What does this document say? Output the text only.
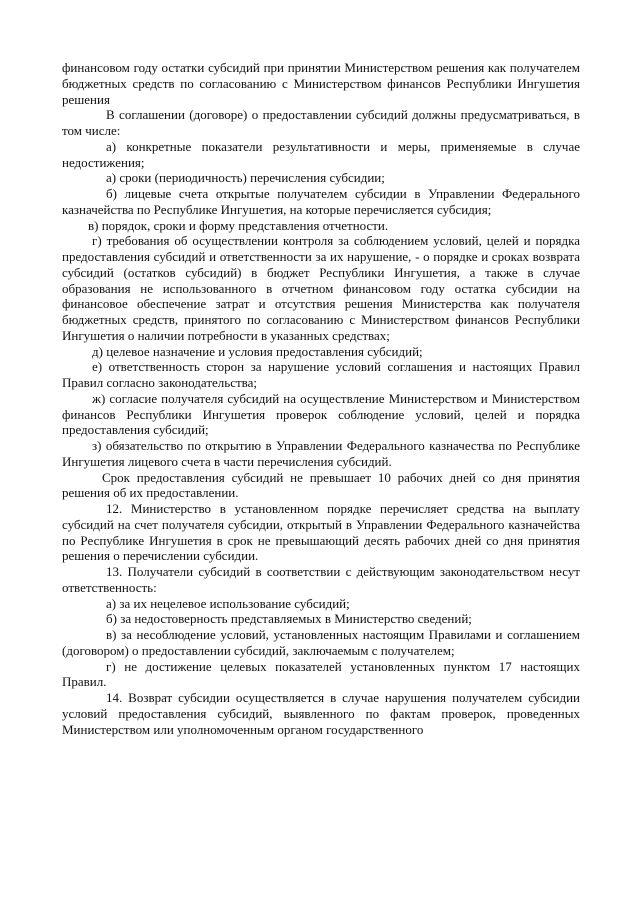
финансовом году остатки субсидий при принятии Министерством решения как получателем бюджетных средств по согласованию с Министерством финансов Республики Ингушетия решения

В соглашении (договоре) о предоставлении субсидий должны предусматриваться, в том числе:

а) конкретные показатели результативности и меры, применяемые в случае недостижения;

а) сроки (периодичность) перечисления субсидии;

б) лицевые счета открытые получателем субсидии в Управлении Федерального казначейства по Республике Ингушетия, на которые перечисляется субсидия;

в) порядок, сроки и форму представления отчетности.

г) требования об осуществлении контроля за соблюдением условий, целей и порядка предоставления субсидий и ответственности за их нарушение, - о порядке и сроках возврата субсидий (остатков субсидий) в бюджет Республики Ингушетия, а также в случае образования не использованного в отчетном финансовом году остатка субсидии на финансовое обеспечение затрат и отсутствия решения Министерства как получателя бюджетных средств, принятого по согласованию с Министерством финансов Республики Ингушетия о наличии потребности в указанных средствах;

д) целевое назначение и условия предоставления субсидий;

е) ответственность сторон за нарушение условий соглашения и настоящих Правил Правил согласно законодательства;

ж) согласие получателя субсидий на осуществление Министерством и Министерством финансов Республики Ингушетия проверок соблюдение условий, целей и порядка предоставления субсидий;

з) обязательство по открытию в Управлении Федерального казначества по Республике Ингушетия лицевого счета в части перечисления субсидий.

Срок предоставления субсидий не превышает 10 рабочих дней со дня принятия решения об их предоставлении.

12. Министерство в установленном порядке перечисляет средства на выплату субсидий на счет получателя субсидии, открытый в Управлении Федерального казначейства по Республике Ингушетия в срок не превышающий десять рабочих дней со дня принятия решения о перечислении субсидии.

13. Получатели субсидий в соответствии с действующим законодательством несут ответственность:

а) за их нецелевое использование субсидий;

б) за недостоверность представляемых в Министерство сведений;

в) за несоблюдение условий, установленных настоящим Правилами и соглашением (договором) о предоставлении субсидий, заключаемым с получателем;

г) не достижение целевых показателей установленных пунктом 17 настоящих Правил.

14. Возврат субсидии осуществляется в случае нарушения получателем субсидии условий предоставления субсидий, выявленного по фактам проверок, проведенных Министерством или уполномоченным органом государственного
